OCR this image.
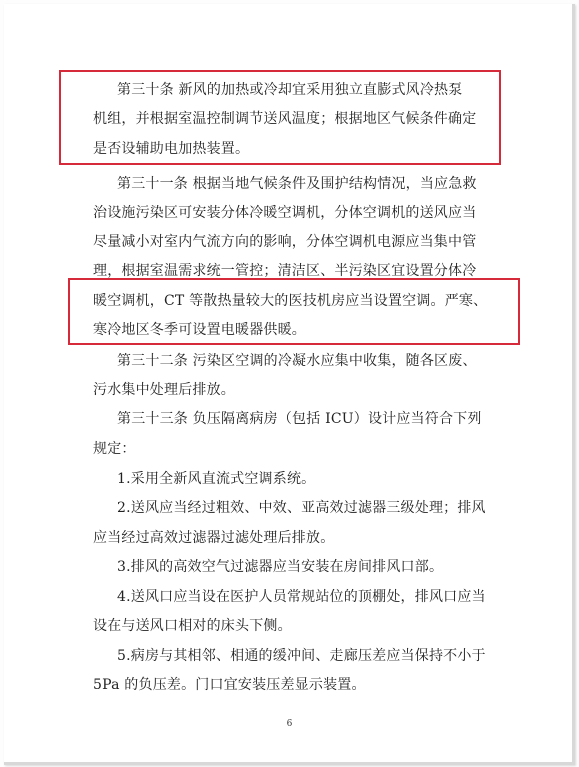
第三十条 新风的加热或冷却宜采用独立直膨式风冷热泵
机组，并根据室温控制调节送风温度；根据地区气候条件确定
是否设辅助电加热装置。
第三十一条 根据当地气候条件及围护结构情况，当应急救
治设施污染区可安装分体冷暖空调机，分体空调机的送风应当
尽量减小对室内气流方向的影响，分体空调机电源应当集中管
理，根据室温需求统一管控；清洁区、半污染区宜设置分体冷
暖空调机，CT 等散热量较大的医技机房应当设置空调。严寒、
寒冷地区冬季可设置电暖器供暖。
第三十二条 污染区空调的冷凝水应集中收集，随各区废、
污水集中处理后排放。
第三十三条 负压隔离病房（包括 ICU）设计应当符合下列
规定：
1.采用全新风直流式空调系统。
2.送风应当经过粗效、中效、亚高效过滤器三级处理；排风
应当经过高效过滤器过滤处理后排放。
3.排风的高效空气过滤器应当安装在房间排风口部。
4.送风口应当设在医护人员常规站位的顶棚处，排风口应当
设在与送风口相对的床头下侧。
5.病房与其相邻、相通的缓冲间、走廊压差应当保持不小于
5Pa 的负压差。门口宜安装压差显示装置。
6
